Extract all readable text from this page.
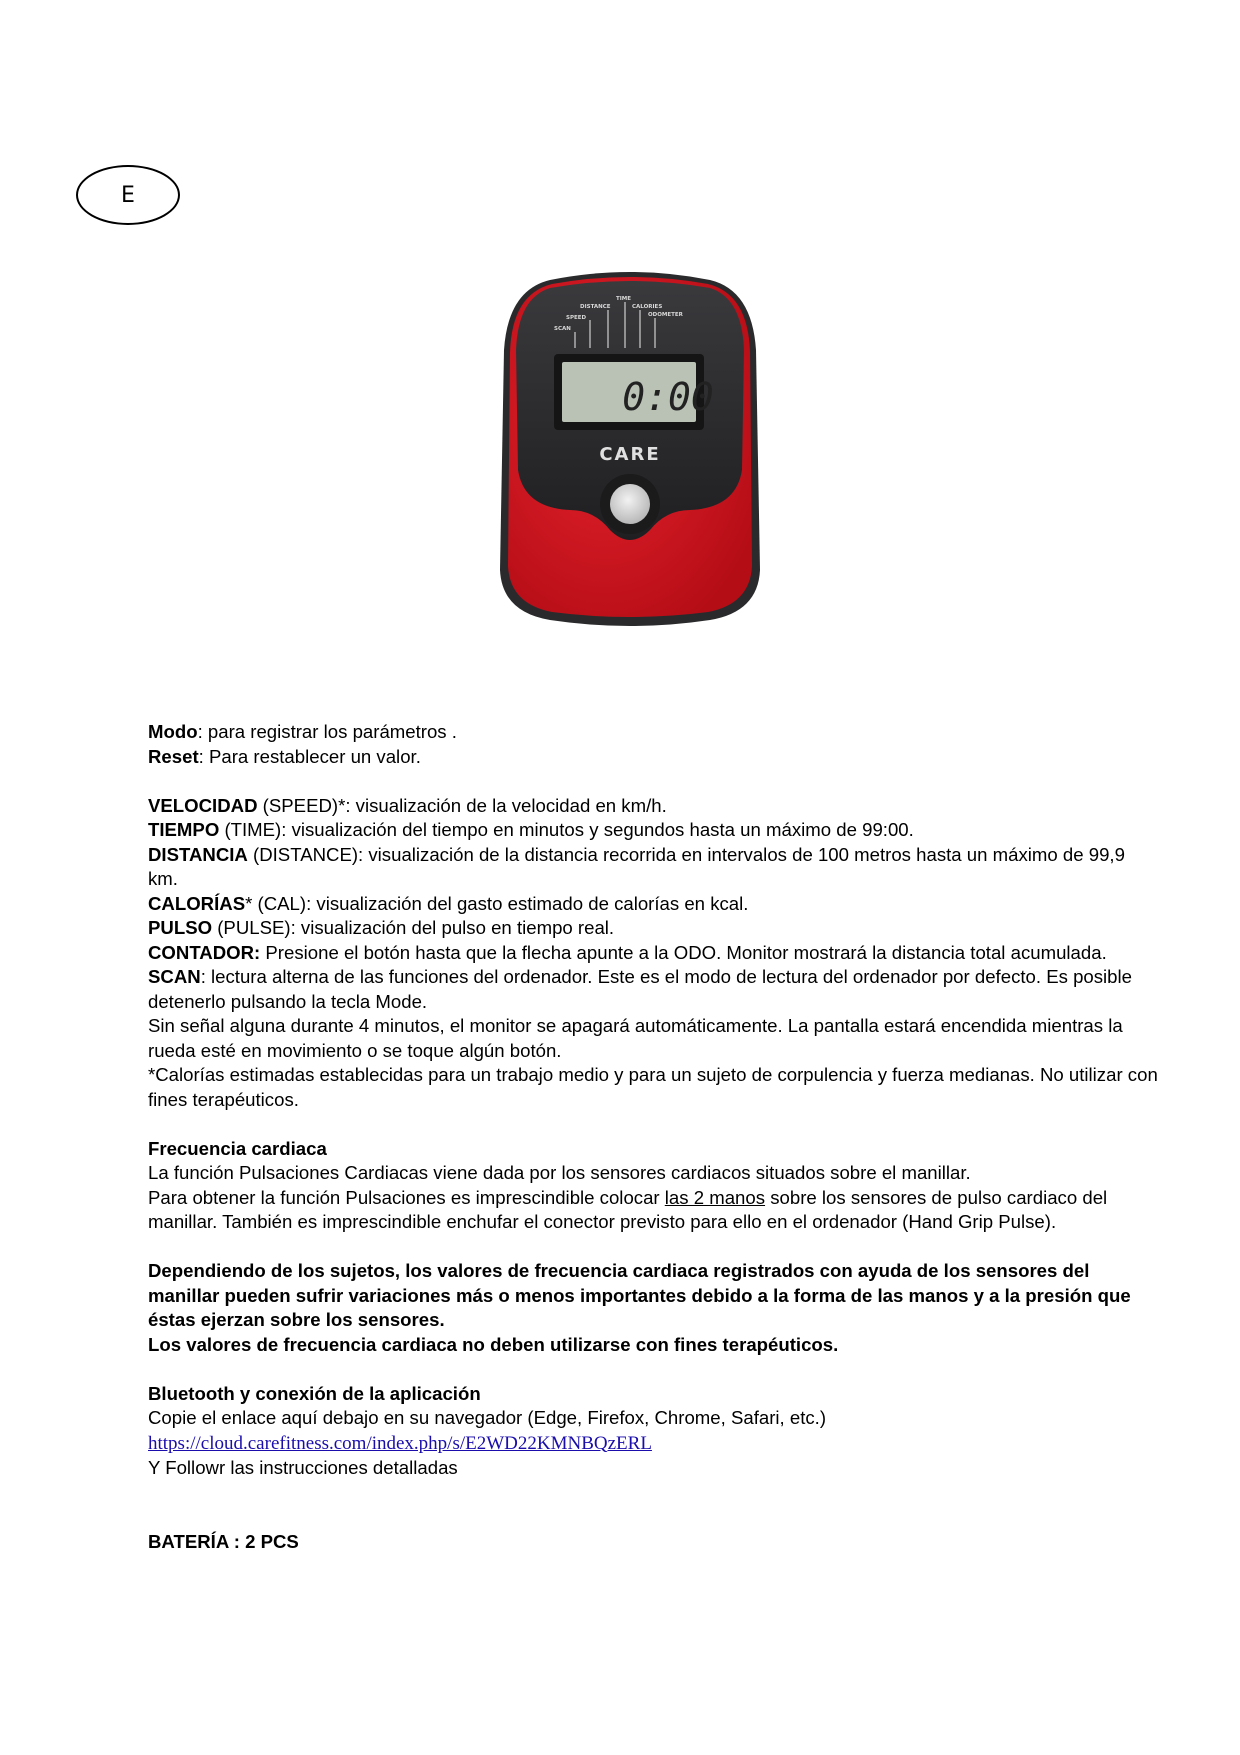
E
SCAN
SPEED
DISTANCE
TIME
CALORIES
ODOMETER
0:00
CARE

Modo: para registrar los parámetros .

Reset: Para restablecer un valor.

VELOCIDAD (SPEED)*: visualización de la velocidad en km/h.

TIEMPO (TIME): visualización del tiempo en minutos y segundos hasta un máximo de 99:00.

DISTANCIA (DISTANCE): visualización de la distancia recorrida en intervalos de 100 metros hasta un máximo de 99,9 km.

CALORÍAS* (CAL): visualización del gasto estimado de calorías en kcal.

PULSO (PULSE): visualización del pulso en tiempo real.

CONTADOR: Presione el botón hasta que la flecha apunte a la ODO. Monitor mostrará la distancia total acumulada.

SCAN: lectura alterna de las funciones del ordenador. Este es el modo de lectura del ordenador por defecto. Es posible detenerlo pulsando la tecla Mode.

Sin señal alguna durante 4 minutos, el monitor se apagará automáticamente. La pantalla estará encendida mientras la rueda esté en movimiento o se toque algún botón.

*Calorías estimadas establecidas para un trabajo medio y para un sujeto de corpulencia y fuerza medianas. No utilizar con fines terapéuticos.

Frecuencia cardiaca

La función Pulsaciones Cardiacas viene dada por los sensores cardiacos situados sobre el manillar.

Para obtener la función Pulsaciones es imprescindible colocar las 2 manos sobre los sensores de pulso cardiaco del manillar. También es imprescindible enchufar el conector previsto para ello en el ordenador (Hand Grip Pulse).

Dependiendo de los sujetos, los valores de frecuencia cardiaca registrados con ayuda de los sensores del manillar pueden sufrir variaciones más o menos importantes debido a la forma de las manos y a la presión que éstas ejerzan sobre los sensores.

Los valores de frecuencia cardiaca no deben utilizarse con fines terapéuticos.

Bluetooth y conexión de la aplicación

Copie el enlace aquí debajo en su navegador (Edge, Firefox, Chrome, Safari, etc.)

https://cloud.carefitness.com/index.php/s/E2WD22KMNBQzERL

Y Followr las instrucciones detalladas

BATERÍA : 2 PCS
